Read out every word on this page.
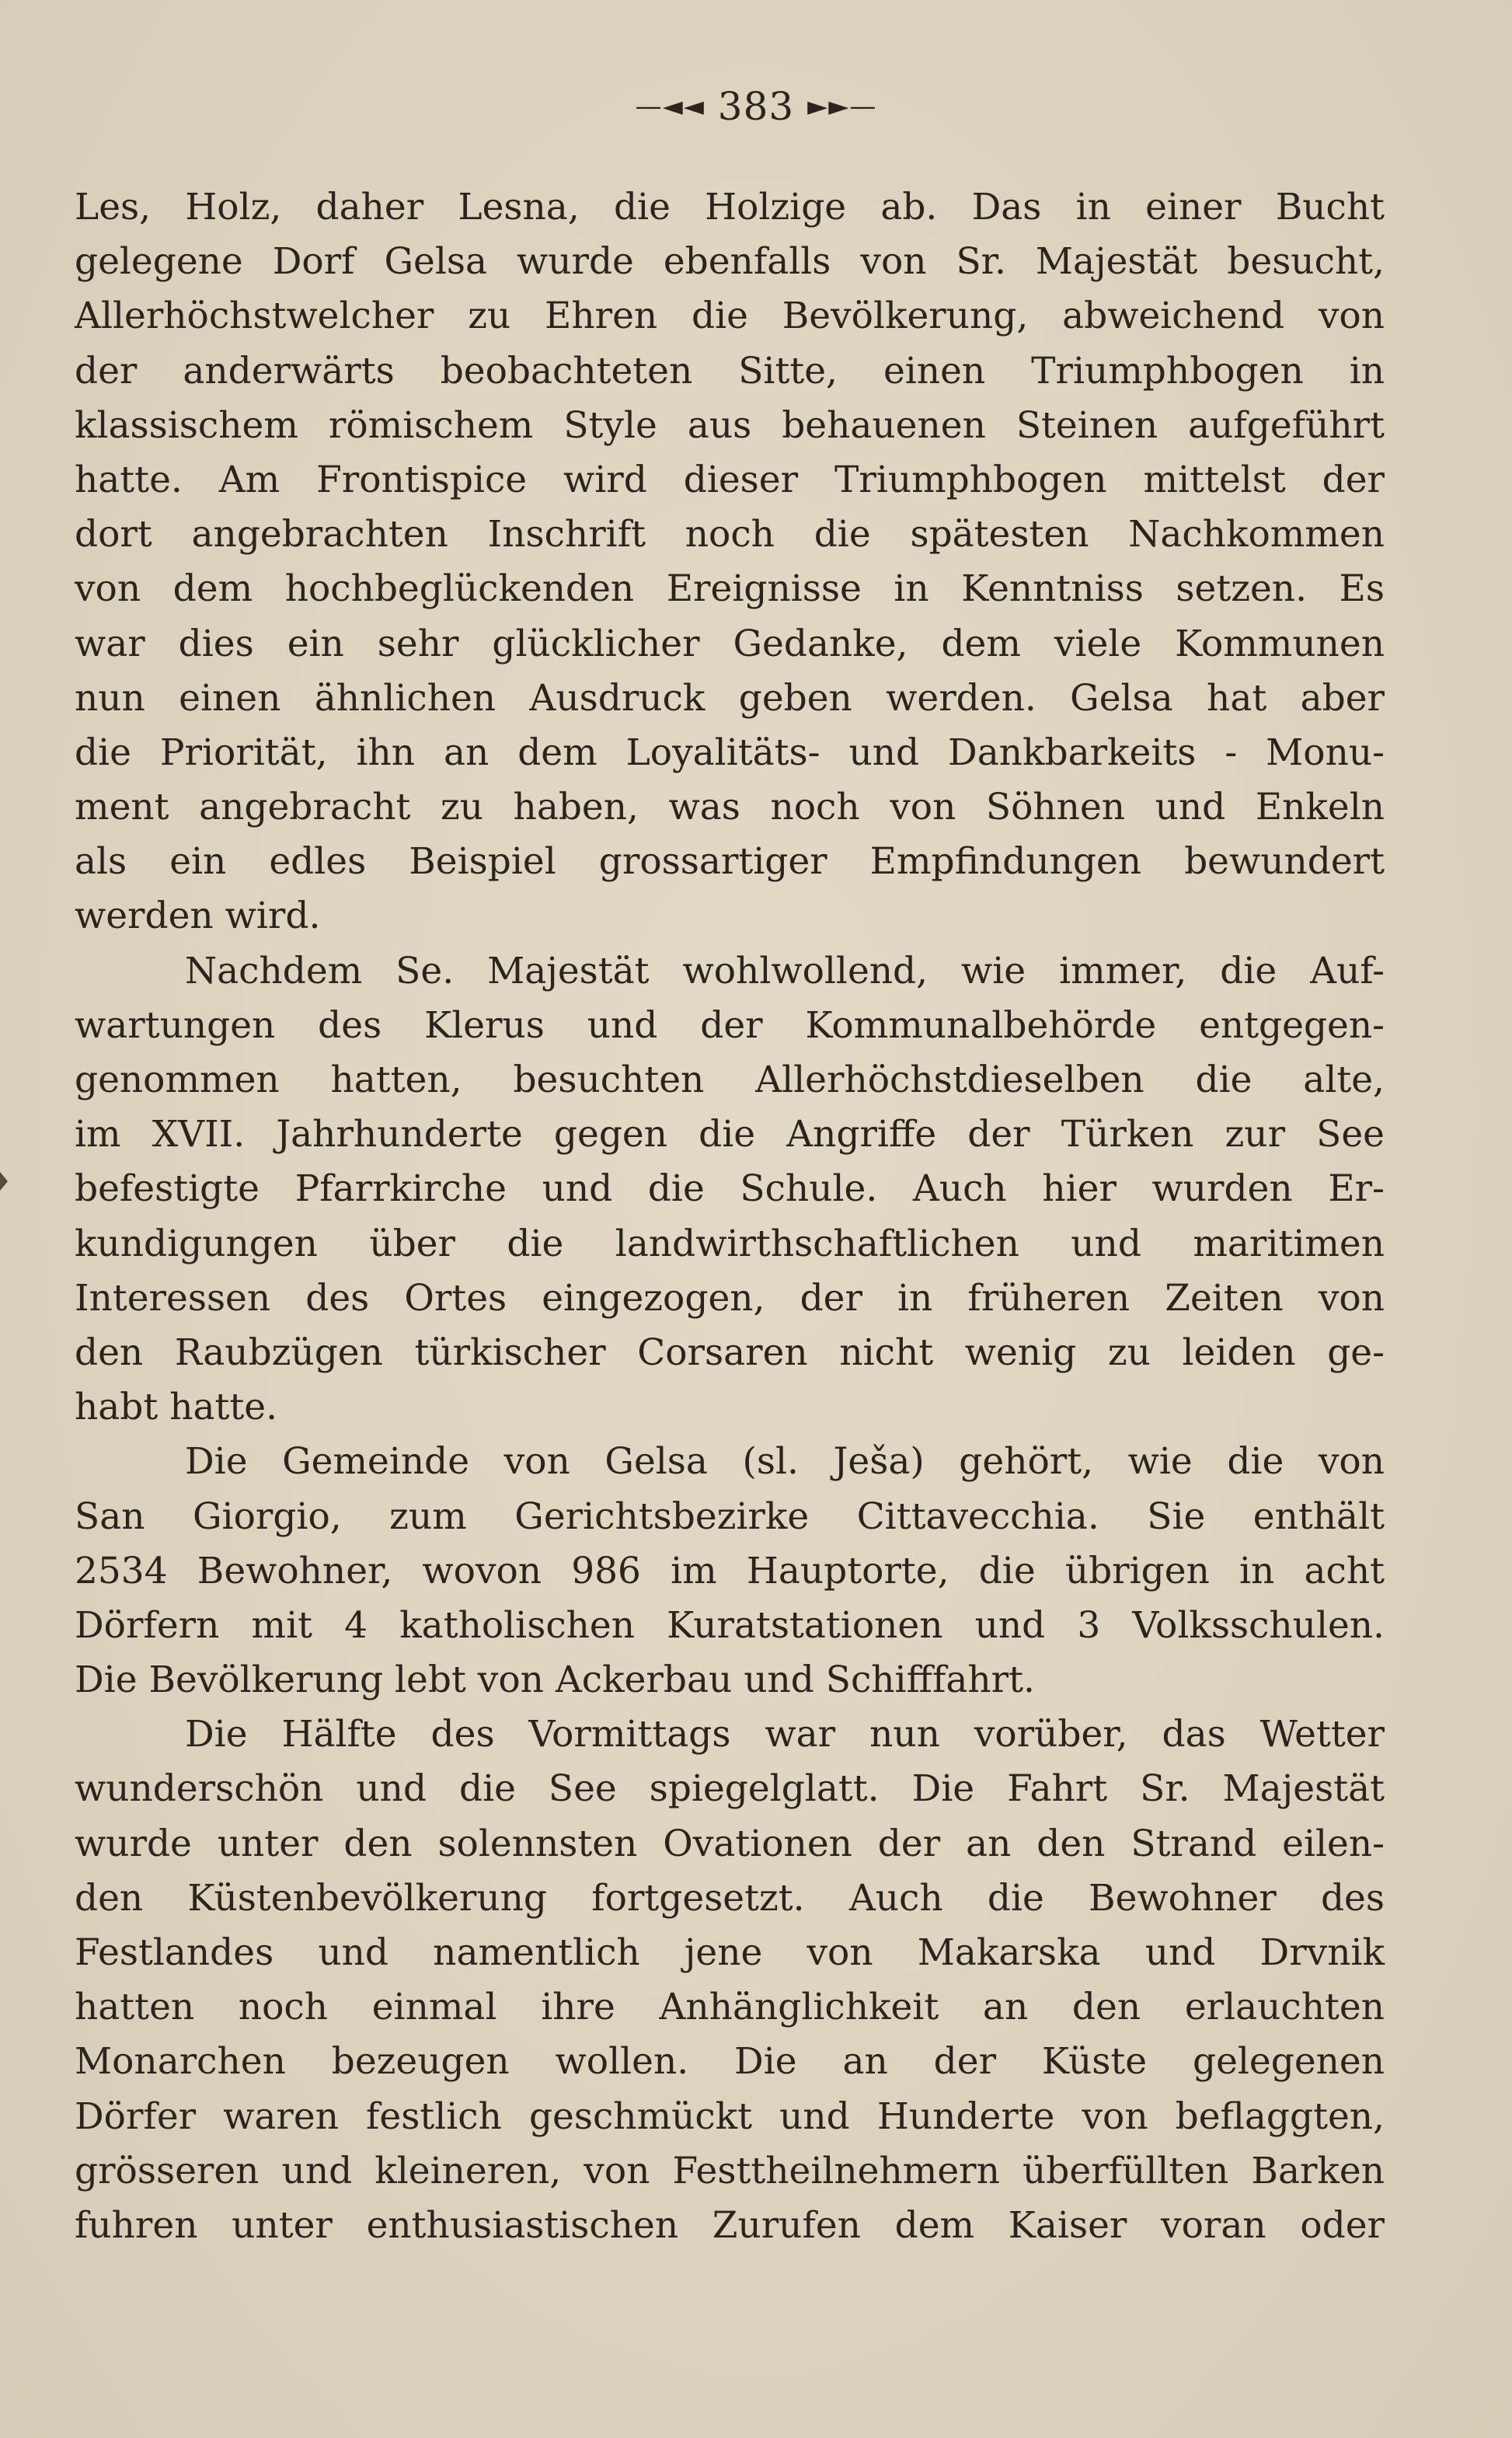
—◄◄ 383 ►►—
Les, Holz, daher Lesna, die Holzige ab. Das in einer Bucht
gelegene Dorf Gelsa wurde ebenfalls von Sr. Majestät besucht,
Allerhöchstwelcher zu Ehren die Bevölkerung, abweichend von
der anderwärts beobachteten Sitte, einen Triumphbogen in
klassischem römischem Style aus behauenen Steinen aufgeführt
hatte. Am Frontispice wird dieser Triumphbogen mittelst der
dort angebrachten Inschrift noch die spätesten Nachkommen
von dem hochbeglückenden Ereignisse in Kenntniss setzen. Es
war dies ein sehr glücklicher Gedanke, dem viele Kommunen
nun einen ähnlichen Ausdruck geben werden. Gelsa hat aber
die Priorität, ihn an dem Loyalitäts- und Dankbarkeits - Monu-
ment angebracht zu haben, was noch von Söhnen und Enkeln
als ein edles Beispiel grossartiger Empfindungen bewundert
werden wird.
Nachdem Se. Majestät wohlwollend, wie immer, die Auf-
wartungen des Klerus und der Kommunalbehörde entgegen-
genommen hatten, besuchten Allerhöchstdieselben die alte,
im XVII. Jahrhunderte gegen die Angriffe der Türken zur See
befestigte Pfarrkirche und die Schule. Auch hier wurden Er-
kundigungen über die landwirthschaftlichen und maritimen
Interessen des Ortes eingezogen, der in früheren Zeiten von
den Raubzügen türkischer Corsaren nicht wenig zu leiden ge-
habt hatte.
Die Gemeinde von Gelsa (sl. Ješa) gehört, wie die von
San Giorgio, zum Gerichtsbezirke Cittavecchia. Sie enthält
2534 Bewohner, wovon 986 im Hauptorte, die übrigen in acht
Dörfern mit 4 katholischen Kuratstationen und 3 Volksschulen.
Die Bevölkerung lebt von Ackerbau und Schifffahrt.
Die Hälfte des Vormittags war nun vorüber, das Wetter
wunderschön und die See spiegelglatt. Die Fahrt Sr. Majestät
wurde unter den solennsten Ovationen der an den Strand eilen-
den Küstenbevölkerung fortgesetzt. Auch die Bewohner des
Festlandes und namentlich jene von Makarska und Drvnik
hatten noch einmal ihre Anhänglichkeit an den erlauchten
Monarchen bezeugen wollen. Die an der Küste gelegenen
Dörfer waren festlich geschmückt und Hunderte von beflaggten,
grösseren und kleineren, von Festtheilnehmern überfüllten Barken
fuhren unter enthusiastischen Zurufen dem Kaiser voran oder
